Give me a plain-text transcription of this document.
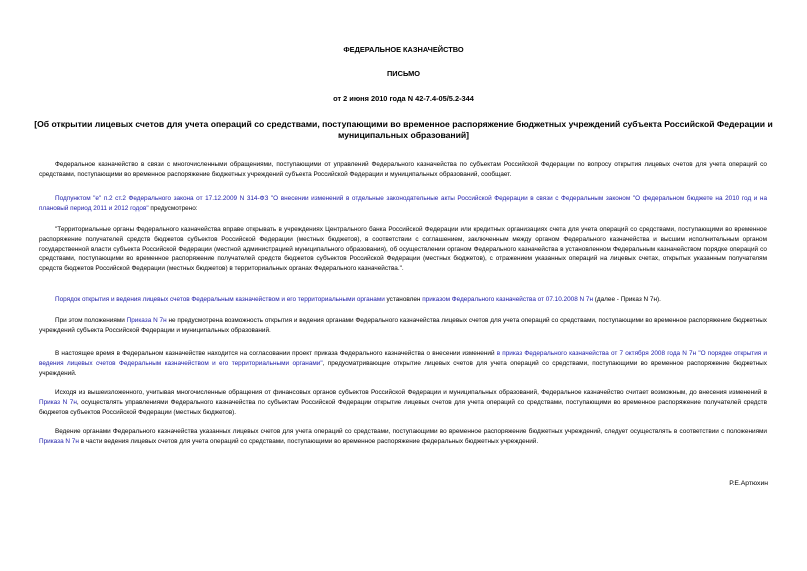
ФЕДЕРАЛЬНОЕ КАЗНАЧЕЙСТВО
ПИСЬМО
от 2 июня 2010 года N 42-7.4-05/5.2-344
[Об открытии лицевых счетов для учета операций со средствами, поступающими во временное распоряжение бюджетных учреждений субъекта Российской Федерации и муниципальных образований]

Федеральное казначейство в связи с многочисленными обращениями, поступающими от управлений Федерального казначейства по субъектам Российской Федерации по вопросу открытия лицевых счетов для учета операций со средствами, поступающими во временное распоряжение бюджетных учреждений субъекта Российской Федерации и муниципальных образований, сообщает.

Подпунктом "е" п.2 ст.2 Федерального закона от 17.12.2009 N 314-ФЗ "О внесении изменений в отдельные законодательные акты Российской Федерации в связи с Федеральным законом "О федеральном бюджете на 2010 год и на плановый период 2011 и 2012 годов" предусмотрено:

"Территориальные органы Федерального казначейства вправе открывать в учреждениях Центрального банка Российской Федерации или кредитных организациях счета для учета операций со средствами, поступающими во временное распоряжение получателей средств бюджетов субъектов Российской Федерации (местных бюджетов), в соответствии с соглашением, заключенным между органом Федерального казначейства и высшим исполнительным органом государственной власти субъекта Российской Федерации (местной администрацией муниципального образования), об осуществлении органом Федерального казначейства в установленном Федеральным казначейством порядке операций со средствами, поступающими во временное распоряжение получателей средств бюджетов субъектов Российской Федерации (местных бюджетов), с отражением указанных операций на лицевых счетах, открытых указанным получателям средств бюджетов Российской Федерации (местных бюджетов) в территориальных органах Федерального казначейства.".

Порядок открытия и ведения лицевых счетов Федеральным казначейством и его территориальными органами установлен приказом Федерального казначейства от 07.10.2008 N 7н (далее - Приказ N 7н).

При этом положениями Приказа N 7н не предусмотрена возможность открытия и ведения органами Федерального казначейства лицевых счетов для учета операций со средствами, поступающими во временное распоряжение бюджетных учреждений субъекта Российской Федерации и муниципальных образований.

В настоящее время в Федеральном казначействе находится на согласовании проект приказа Федерального казначейства о внесении изменений в приказ Федерального казначейства от 7 октября 2008 года N 7н "О порядке открытия и ведения лицевых счетов Федеральным казначейством и его территориальными органами", предусматривающие открытие лицевых счетов для учета операций со средствами, поступающими во временное распоряжение бюджетных учреждений.

Исходя из вышеизложенного, учитывая многочисленные обращения от финансовых органов субъектов Российской Федерации и муниципальных образований, Федеральное казначейство считает возможным, до внесения изменений в Приказ N 7н, осуществлять управлениями Федерального казначейства по субъектам Российской Федерации открытие лицевых счетов для учета операций со средствами, поступающими во временное распоряжение получателей средств бюджетов субъектов Российской Федерации (местных бюджетов).

Ведение органами Федерального казначейства указанных лицевых счетов для учета операций со средствами, поступающими во временное распоряжение бюджетных учреждений, следует осуществлять в соответствии с положениями Приказа N 7н в части ведения лицевых счетов для учета операций со средствами, поступающими во временное распоряжение федеральных бюджетных учреждений.

Р.Е.Артюхин
